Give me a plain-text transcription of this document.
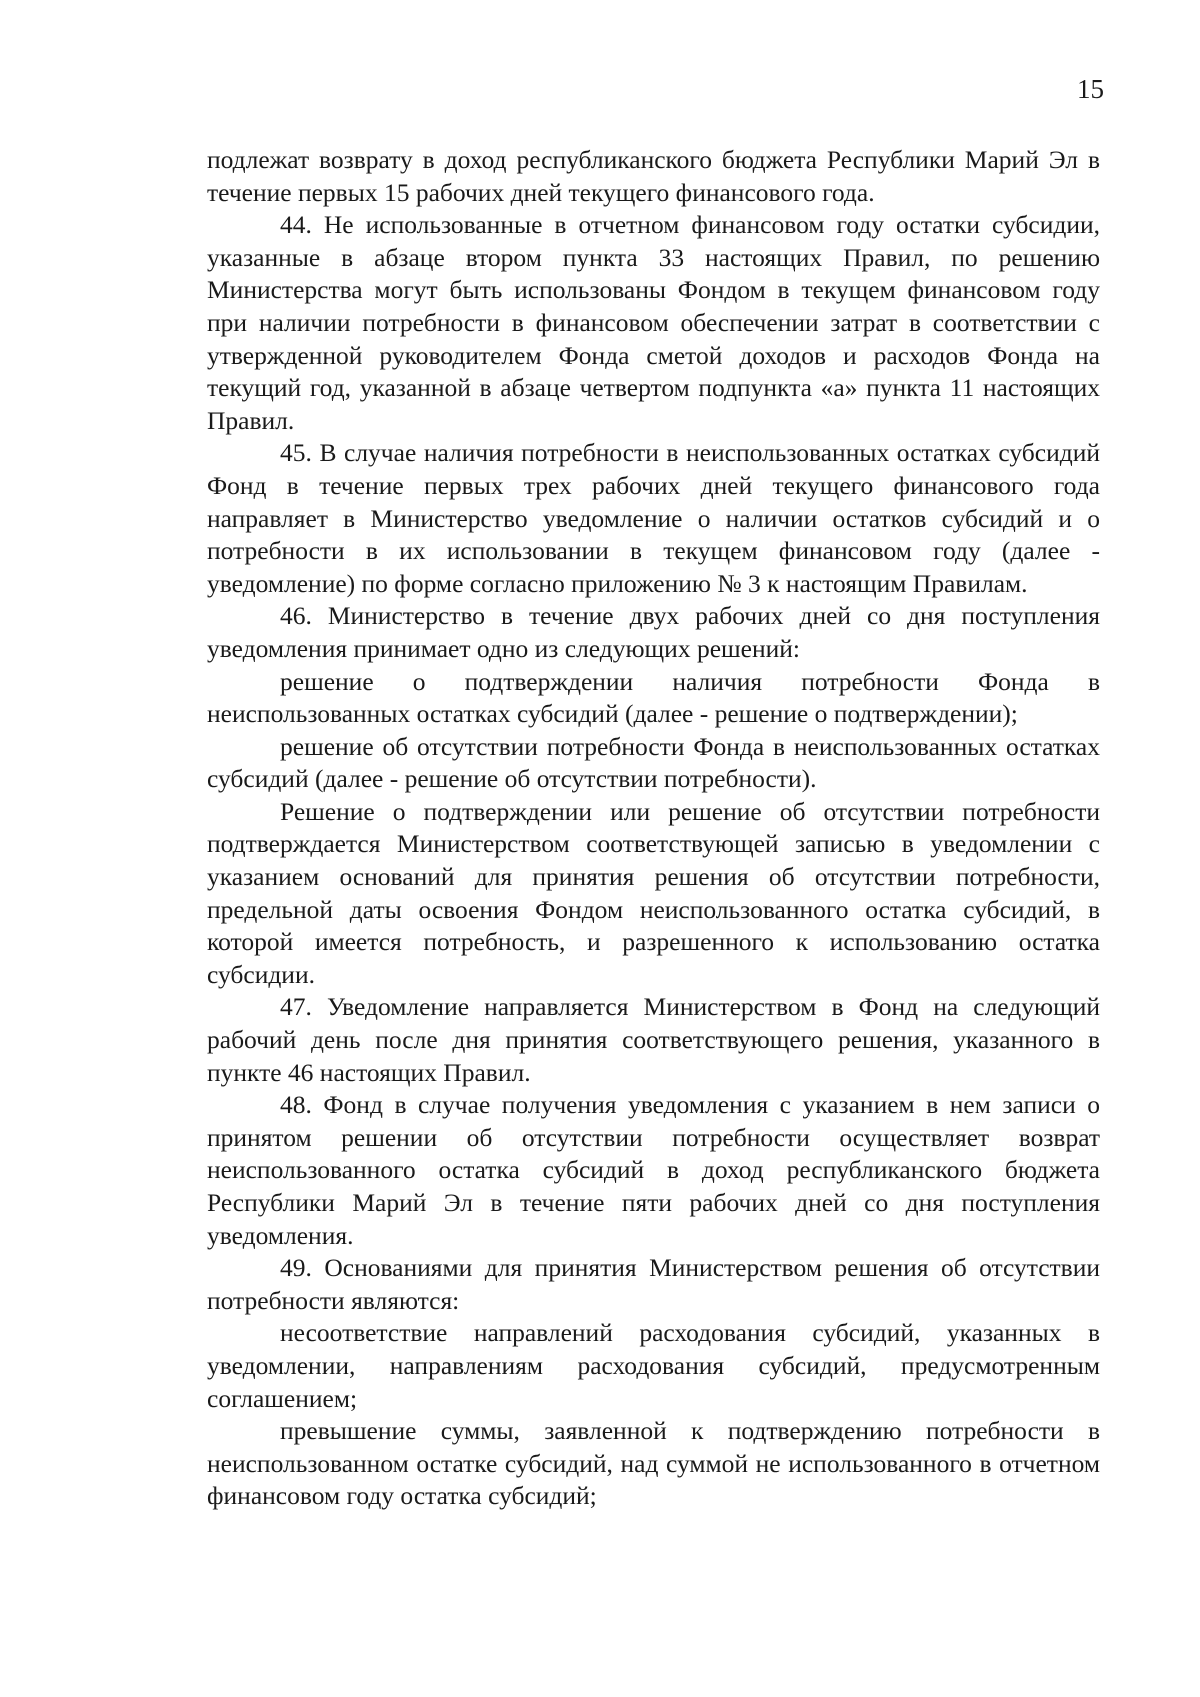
15

подлежат возврату в доход республиканского бюджета Республики Марий Эл в течение первых 15 рабочих дней текущего финансового года.

44. Не использованные в отчетном финансовом году остатки субсидии, указанные в абзаце втором пункта 33 настоящих Правил, по решению Министерства могут быть использованы Фондом в текущем финансовом году при наличии потребности в финансовом обеспечении затрат в соответствии с утвержденной руководителем Фонда сметой доходов и расходов Фонда на текущий год, указанной в абзаце четвертом подпункта «а» пункта 11 настоящих Правил.

45. В случае наличия потребности в неиспользованных остатках субсидий Фонд в течение первых трех рабочих дней текущего финансового года направляет в Министерство уведомление о наличии остатков субсидий и о потребности в их использовании в текущем финансовом году (далее - уведомление) по форме согласно приложению № 3 к настоящим Правилам.

46. Министерство в течение двух рабочих дней со дня поступления уведомления принимает одно из следующих решений:

решение о подтверждении наличия потребности Фонда в неиспользованных остатках субсидий (далее - решение о подтверждении);

решение об отсутствии потребности Фонда в неиспользованных остатках субсидий (далее - решение об отсутствии потребности).

Решение о подтверждении или решение об отсутствии потребности подтверждается Министерством соответствующей записью в уведомлении с указанием оснований для принятия решения об отсутствии потребности, предельной даты освоения Фондом неиспользованного остатка субсидий, в которой имеется потребность, и разрешенного к использованию остатка субсидии.

47. Уведомление направляется Министерством в Фонд на следующий рабочий день после дня принятия соответствующего решения, указанного в пункте 46 настоящих Правил.

48. Фонд в случае получения уведомления с указанием в нем записи о принятом решении об отсутствии потребности осуществляет возврат неиспользованного остатка субсидий в доход республиканского бюджета Республики Марий Эл в течение пяти рабочих дней со дня поступления уведомления.

49. Основаниями для принятия Министерством решения об отсутствии потребности являются:

несоответствие направлений расходования субсидий, указанных в уведомлении, направлениям расходования субсидий, предусмотренным соглашением;

превышение суммы, заявленной к подтверждению потребности в неиспользованном остатке субсидий, над суммой не использованного в отчетном финансовом году остатка субсидий;
